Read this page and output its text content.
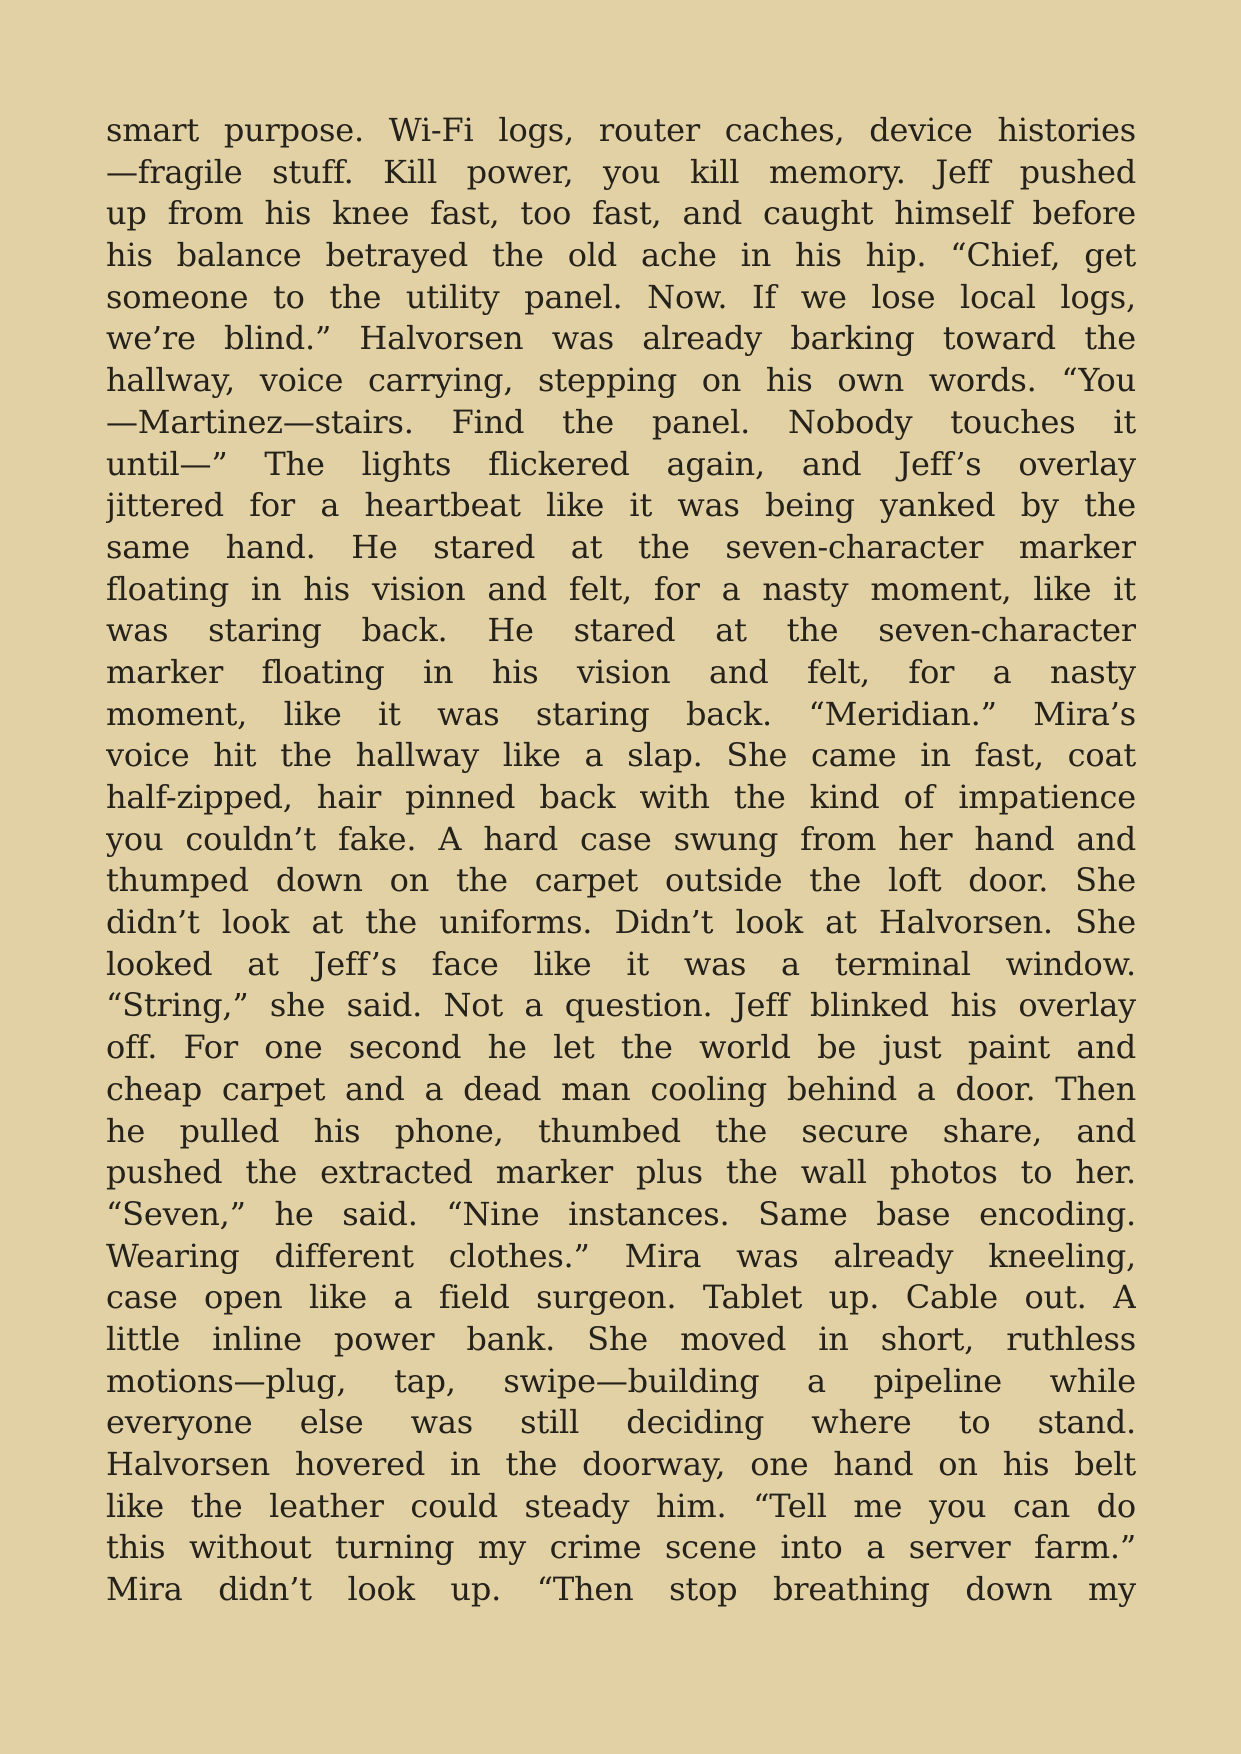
smart purpose. Wi-Fi logs, router caches, device histories
—fragile stuff. Kill power, you kill memory. Jeff pushed
up from his knee fast, too fast, and caught himself before
his balance betrayed the old ache in his hip. “Chief, get
someone to the utility panel. Now. If we lose local logs,
we’re blind.” Halvorsen was already barking toward the
hallway, voice carrying, stepping on his own words. “You
—Martinez—stairs. Find the panel. Nobody touches it
until—” The lights flickered again, and Jeff’s overlay
jittered for a heartbeat like it was being yanked by the
same hand. He stared at the seven-character marker
floating in his vision and felt, for a nasty moment, like it
was staring back. He stared at the seven-character
marker floating in his vision and felt, for a nasty
moment, like it was staring back. “Meridian.” Mira’s
voice hit the hallway like a slap. She came in fast, coat
half-zipped, hair pinned back with the kind of impatience
you couldn’t fake. A hard case swung from her hand and
thumped down on the carpet outside the loft door. She
didn’t look at the uniforms. Didn’t look at Halvorsen. She
looked at Jeff’s face like it was a terminal window.
“String,” she said. Not a question. Jeff blinked his overlay
off. For one second he let the world be just paint and
cheap carpet and a dead man cooling behind a door. Then
he pulled his phone, thumbed the secure share, and
pushed the extracted marker plus the wall photos to her.
“Seven,” he said. “Nine instances. Same base encoding.
Wearing different clothes.” Mira was already kneeling,
case open like a field surgeon. Tablet up. Cable out. A
little inline power bank. She moved in short, ruthless
motions—plug, tap, swipe—building a pipeline while
everyone else was still deciding where to stand.
Halvorsen hovered in the doorway, one hand on his belt
like the leather could steady him. “Tell me you can do
this without turning my crime scene into a server farm.”
Mira didn’t look up. “Then stop breathing down my
